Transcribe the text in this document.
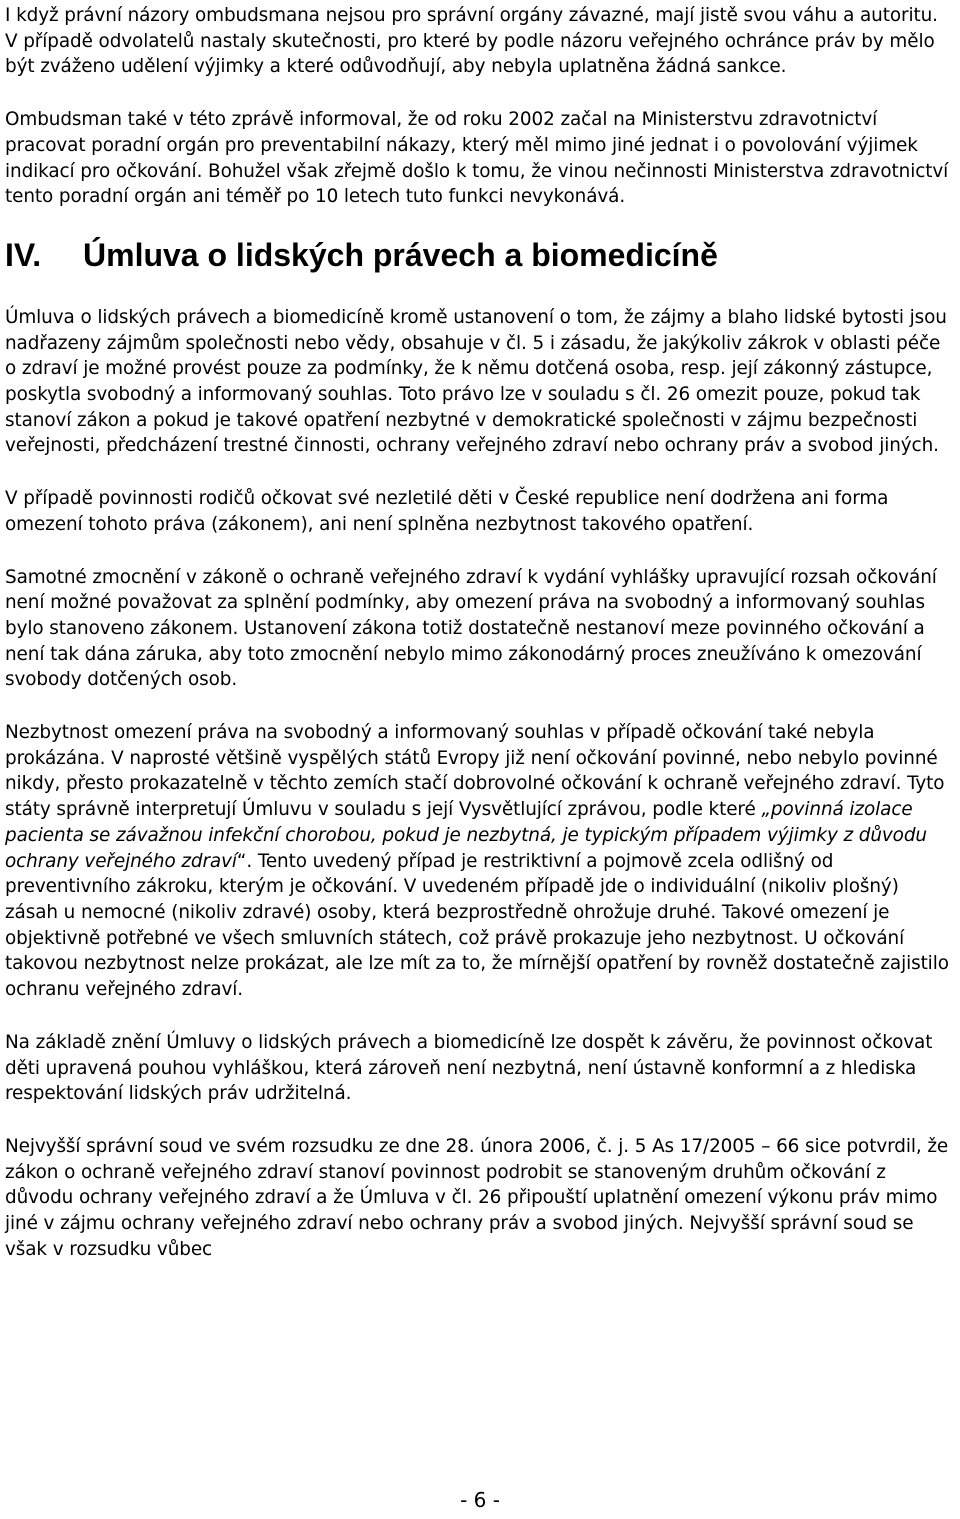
I když právní názory ombudsmana nejsou pro správní orgány závazné, mají jistě svou váhu a autoritu. V případě odvolatelů nastaly skutečnosti, pro které by podle názoru veřejného ochránce práv by mělo být zváženo udělení výjimky a které odůvodňují, aby nebyla uplatněna žádná sankce.

Ombudsman také v této zprávě informoval, že od roku 2002 začal na Ministerstvu zdravotnictví pracovat poradní orgán pro preventabilní nákazy, který měl mimo jiné jednat i o povolování výjimek indikací pro očkování. Bohužel však zřejmě došlo k tomu, že vinou nečinnosti Ministerstva zdravotnictví tento poradní orgán ani téměř po 10 letech tuto funkci nevykonává.

IV. Úmluva o lidských právech a biomedicíně

Úmluva o lidských právech a biomedicíně kromě ustanovení o tom, že zájmy a blaho lidské bytosti jsou nadřazeny zájmům společnosti nebo vědy, obsahuje v čl. 5 i zásadu, že jakýkoliv zákrok v oblasti péče o zdraví je možné provést pouze za podmínky, že k němu dotčená osoba, resp. její zákonný zástupce, poskytla svobodný a informovaný souhlas. Toto právo lze v souladu s čl. 26 omezit pouze, pokud tak stanoví zákon a pokud je takové opatření nezbytné v demokratické společnosti v zájmu bezpečnosti veřejnosti, předcházení trestné činnosti, ochrany veřejného zdraví nebo ochrany práv a svobod jiných.

V případě povinnosti rodičů očkovat své nezletilé děti v České republice není dodržena ani forma omezení tohoto práva (zákonem), ani není splněna nezbytnost takového opatření.

Samotné zmocnění v zákoně o ochraně veřejného zdraví k vydání vyhlášky upravující rozsah očkování není možné považovat za splnění podmínky, aby omezení práva na svobodný a informovaný souhlas bylo stanoveno zákonem. Ustanovení zákona totiž dostatečně nestanoví meze povinného očkování a není tak dána záruka, aby toto zmocnění nebylo mimo zákonodárný proces zneužíváno k omezování svobody dotčených osob.

Nezbytnost omezení práva na svobodný a informovaný souhlas v případě očkování také nebyla prokázána. V naprosté většině vyspělých států Evropy již není očkování povinné, nebo nebylo povinné nikdy, přesto prokazatelně v těchto zemích stačí dobrovolné očkování k ochraně veřejného zdraví. Tyto státy správně interpretují Úmluvu v souladu s její Vysvětlující zprávou, podle které „povinná izolace pacienta se závažnou infekční chorobou, pokud je nezbytná, je typickým případem výjimky z důvodu ochrany veřejného zdraví“. Tento uvedený případ je restriktivní a pojmově zcela odlišný od preventivního zákroku, kterým je očkování. V uvedeném případě jde o individuální (nikoliv plošný) zásah u nemocné (nikoliv zdravé) osoby, která bezprostředně ohrožuje druhé. Takové omezení je objektivně potřebné ve všech smluvních státech, což právě prokazuje jeho nezbytnost. U očkování takovou nezbytnost nelze prokázat, ale lze mít za to, že mírnější opatření by rovněž dostatečně zajistilo ochranu veřejného zdraví.

Na základě znění Úmluvy o lidských právech a biomedicíně lze dospět k závěru, že povinnost očkovat děti upravená pouhou vyhláškou, která zároveň není nezbytná, není ústavně konformní a z hlediska respektování lidských práv udržitelná.

Nejvyšší správní soud ve svém rozsudku ze dne 28. února 2006, č. j. 5 As 17/2005 – 66 sice potvrdil, že zákon o ochraně veřejného zdraví stanoví povinnost podrobit se stanoveným druhům očkování z důvodu ochrany veřejného zdraví a že Úmluva v čl. 26 připouští uplatnění omezení výkonu práv mimo jiné v zájmu ochrany veřejného zdraví nebo ochrany práv a svobod jiných. Nejvyšší správní soud se však v rozsudku vůbec

- 6 -
